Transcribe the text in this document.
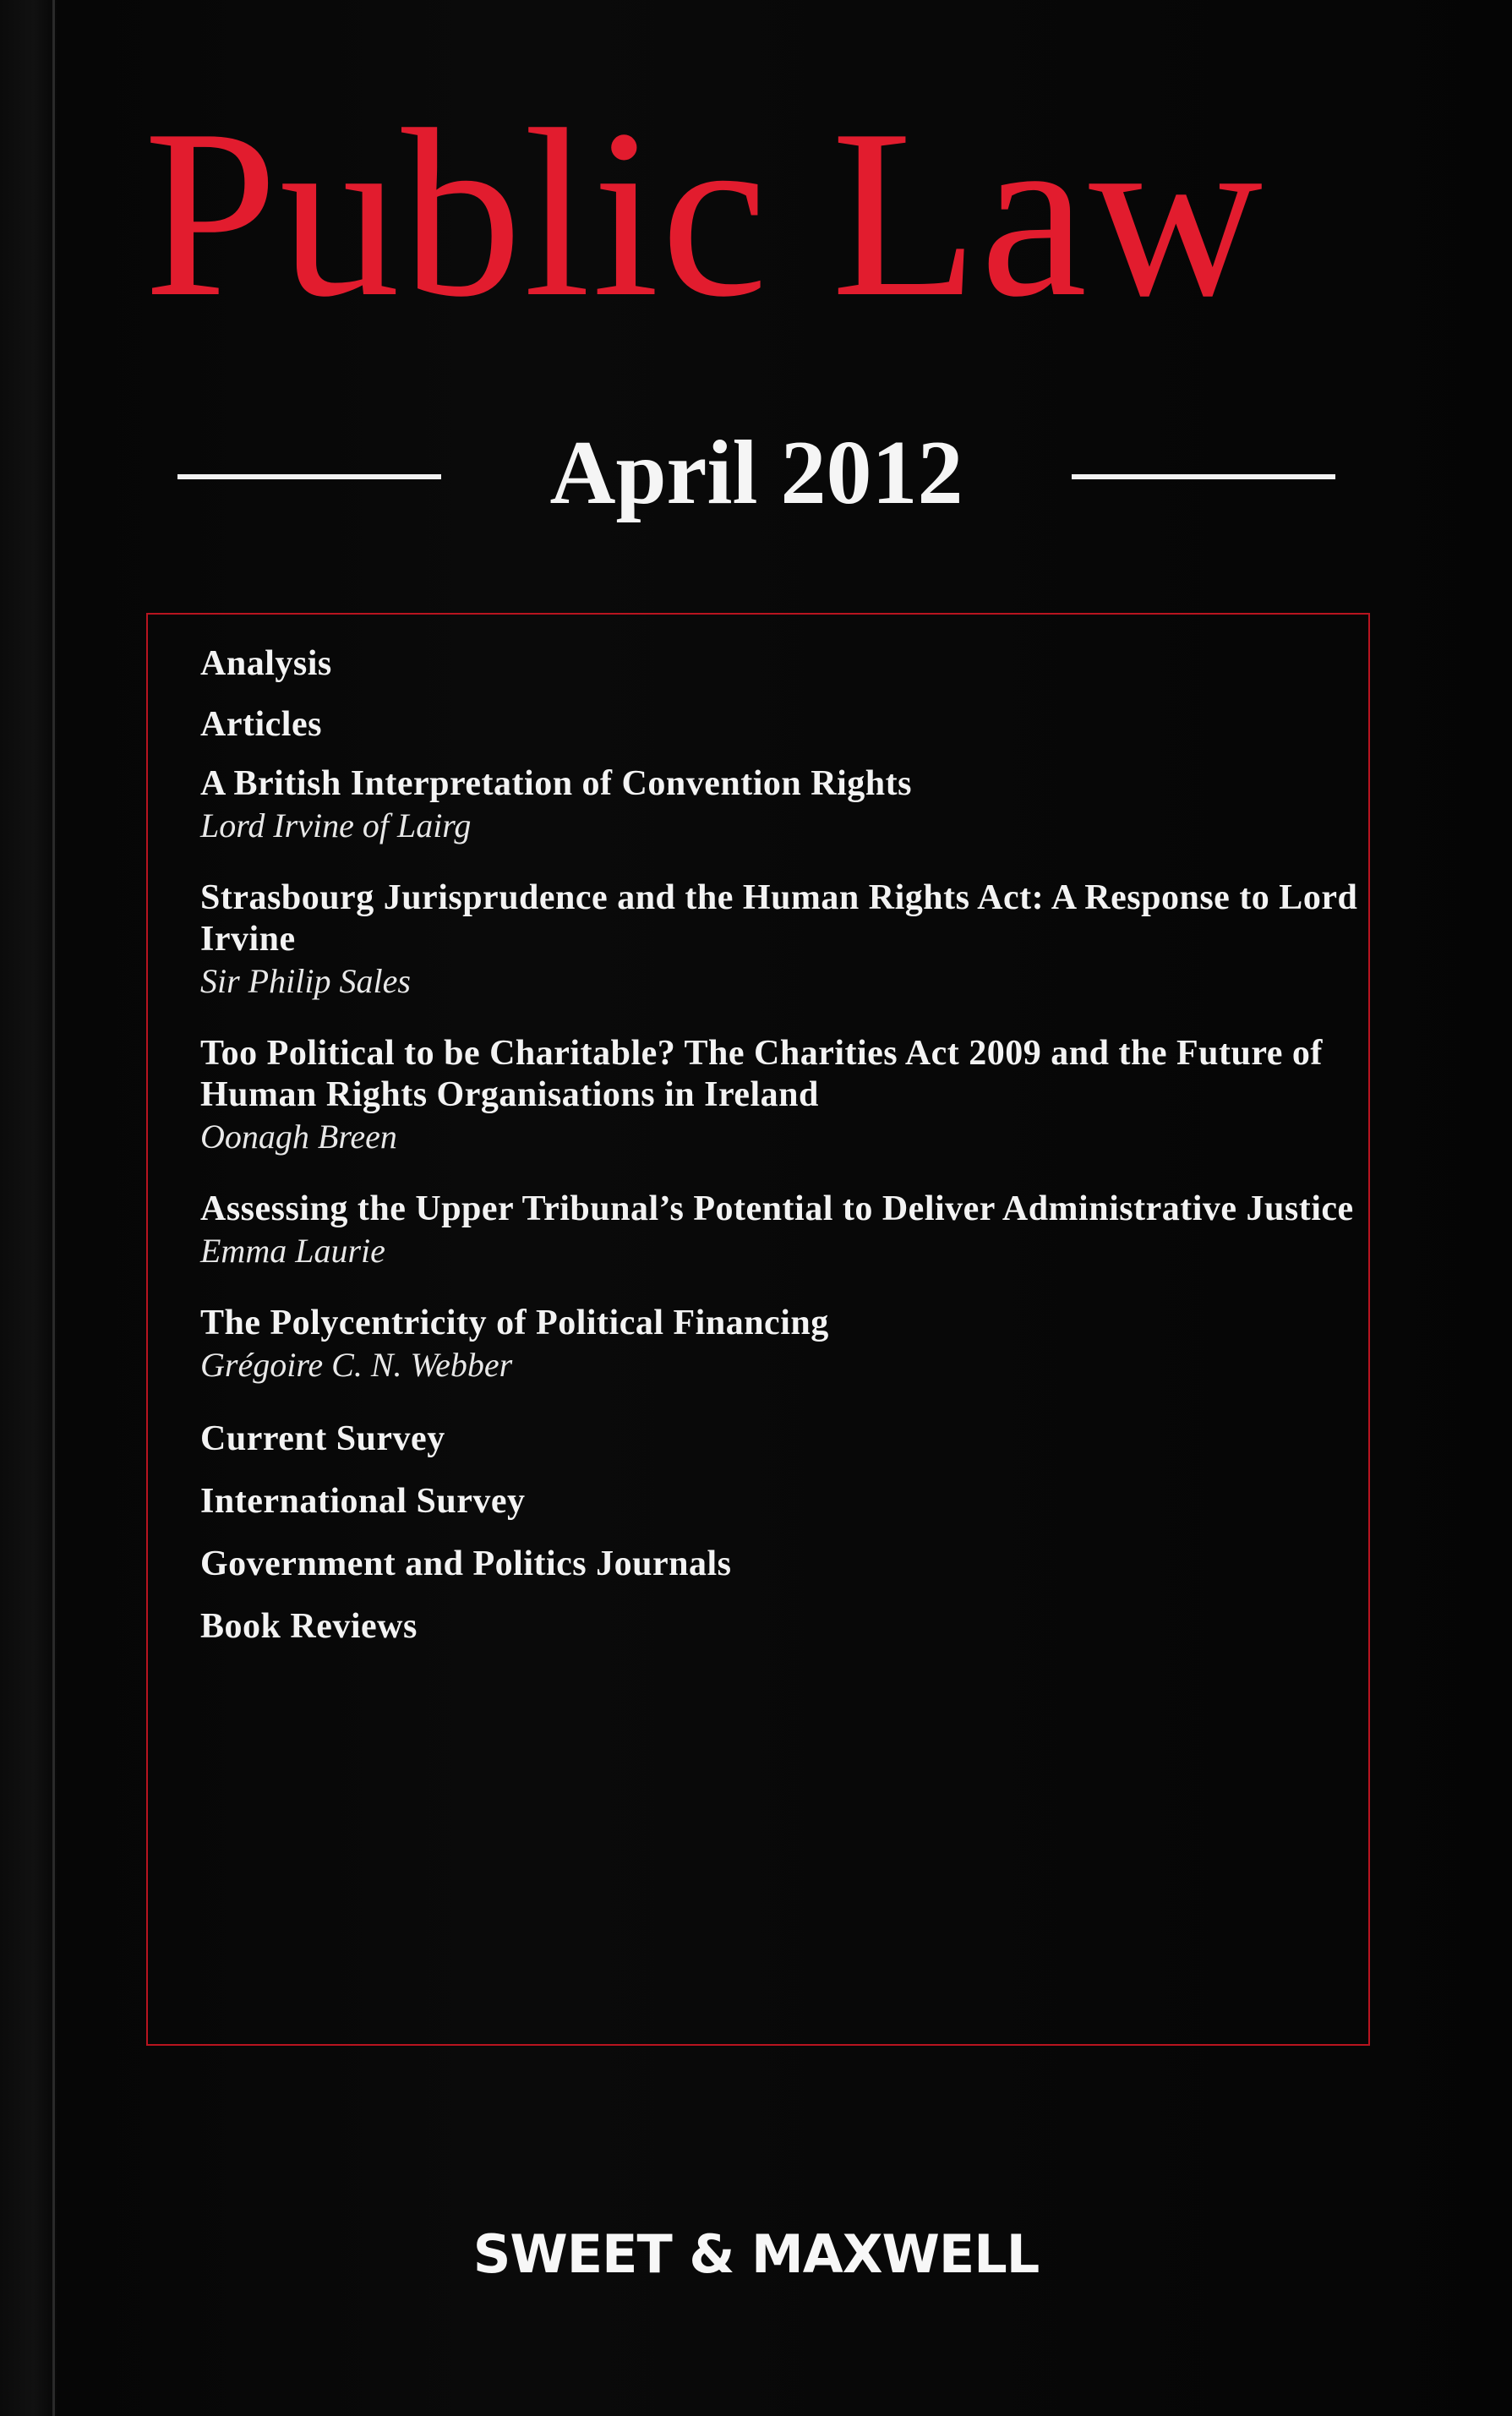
Public Law
April 2012
Analysis
Articles
A British Interpretation of Convention Rights
Lord Irvine of Lairg
Strasbourg Jurisprudence and the Human Rights Act: A Response to Lord Irvine
Sir Philip Sales
Too Political to be Charitable? The Charities Act 2009 and the Future of Human Rights Organisations in Ireland
Oonagh Breen
Assessing the Upper Tribunal’s Potential to Deliver Administrative Justice
Emma Laurie
The Polycentricity of Political Financing
Grégoire C. N. Webber
Current Survey
International Survey
Government and Politics Journals
Book Reviews
SWEET & MAXWELL
